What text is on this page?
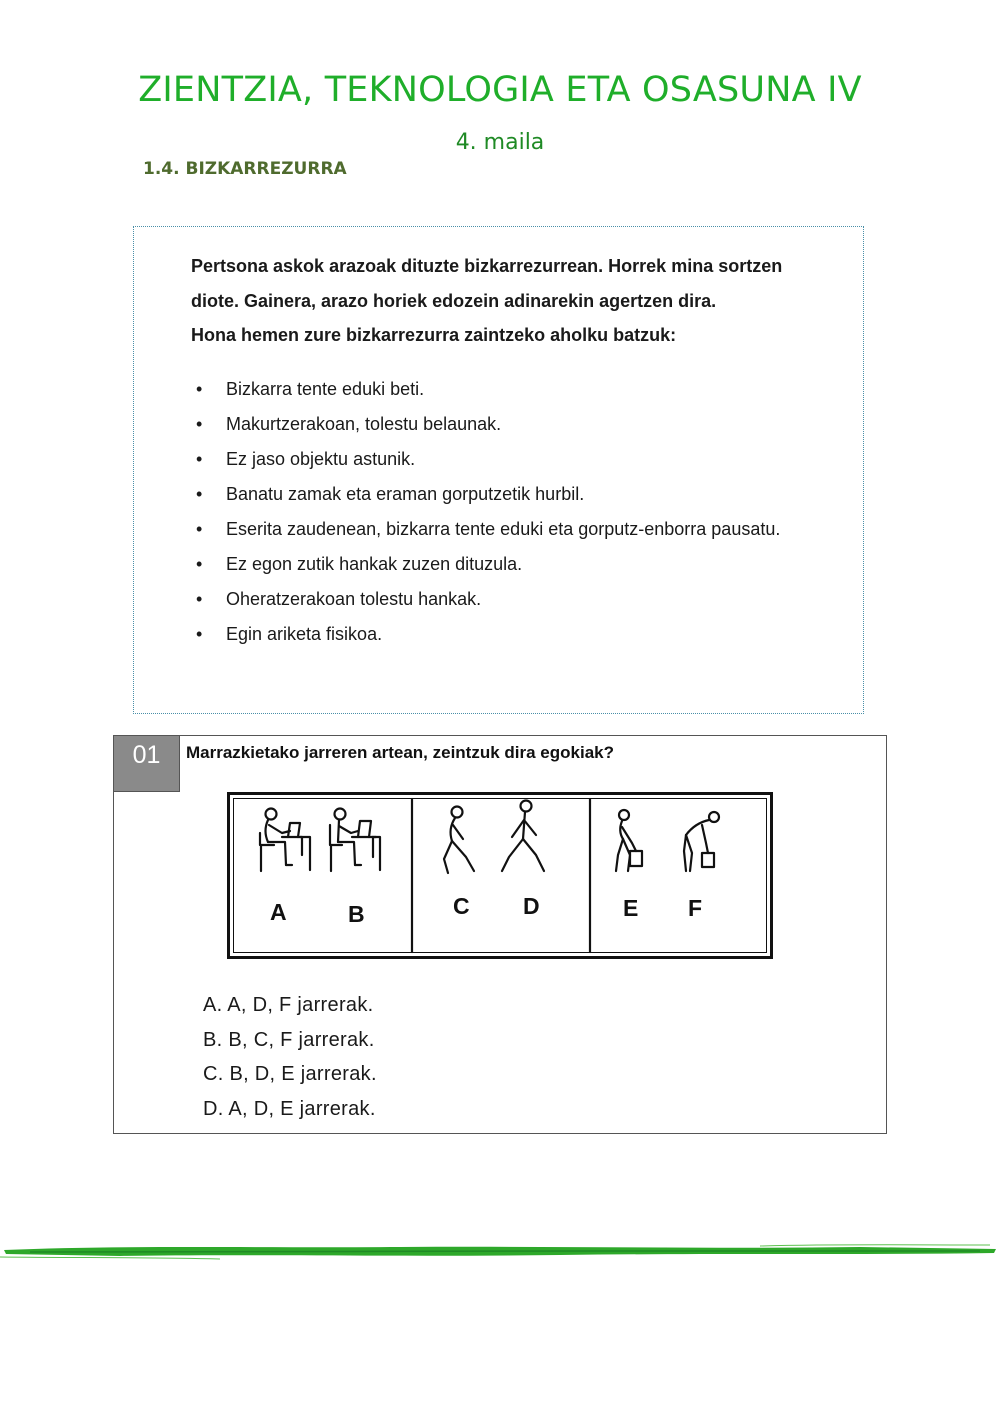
ZIENTZIA, TEKNOLOGIA ETA OSASUNA IV
4. maila
1.4. BIZKARREZURRA
Pertsona askok arazoak dituzte bizkarrezurrean. Horrek mina sortzen
diote. Gainera, arazo horiek edozein adinarekin agertzen dira.
Hona hemen zure bizkarrezurra zaintzeko aholku batzuk:
• Bizkarra tente eduki beti.
• Makurtzerakoan, tolestu belaunak.
• Ez jaso objektu astunik.
• Banatu zamak eta eraman gorputzetik hurbil.
• Eserita zaudenean, bizkarra tente eduki eta gorputz-enborra pausatu.
• Ez egon zutik hankak zuzen dituzula.
• Oheratzerakoan tolestu hankak.
• Egin ariketa fisikoa.
01	Marrazkietako jarreren artean, zeintzuk dira egokiak?
A	B	C D	E F
A. A, D, F jarrerak.
B. B, C, F jarrerak.
C. B, D, E jarrerak.
D. A, D, E jarrerak.
